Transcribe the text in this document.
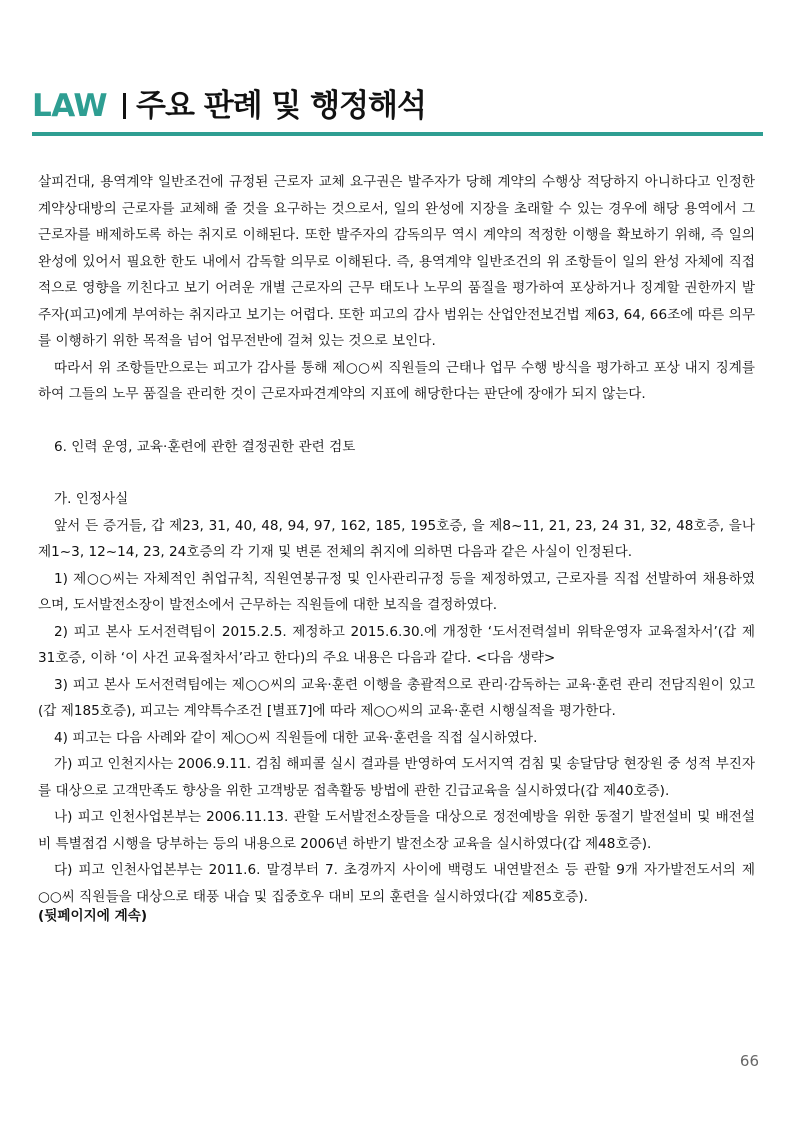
LAW 주요 판례 및 행정해석

살피건대, 용역계약 일반조건에 규정된 근로자 교체 요구권은 발주자가 당해 계약의 수행상 적당하지 아니하다고 인정한 계약상대방의 근로자를 교체해 줄 것을 요구하는 것으로서, 일의 완성에 지장을 초래할 수 있는 경우에 해당 용역에서 그 근로자를 배제하도록 하는 취지로 이해된다. 또한 발주자의 감독의무 역시 계약의 적정한 이행을 확보하기 위해, 즉 일의 완성에 있어서 필요한 한도 내에서 감독할 의무로 이해된다. 즉, 용역계약 일반조건의 위 조항들이 일의 완성 자체에 직접적으로 영향을 끼친다고 보기 어려운 개별 근로자의 근무 태도나 노무의 품질을 평가하여 포상하거나 징계할 권한까지 발주자(피고)에게 부여하는 취지라고 보기는 어렵다. 또한 피고의 감사 범위는 산업안전보건법 제63, 64, 66조에 따른 의무를 이행하기 위한 목적을 넘어 업무전반에 걸쳐 있는 것으로 보인다.

따라서 위 조항들만으로는 피고가 감사를 통해 제○○씨 직원들의 근태나 업무 수행 방식을 평가하고 포상 내지 징계를 하여 그들의 노무 품질을 관리한 것이 근로자파견계약의 지표에 해당한다는 판단에 장애가 되지 않는다.

6. 인력 운영, 교육·훈련에 관한 결정권한 관련 검토

가. 인정사실

앞서 든 증거들, 갑 제23, 31, 40, 48, 94, 97, 162, 185, 195호증, 을 제8~11, 21, 23, 24 31, 32, 48호증, 을나 제1~3, 12~14, 23, 24호증의 각 기재 및 변론 전체의 취지에 의하면 다음과 같은 사실이 인정된다.

1) 제○○씨는 자체적인 취업규칙, 직원연봉규정 및 인사관리규정 등을 제정하였고, 근로자를 직접 선발하여 채용하였으며, 도서발전소장이 발전소에서 근무하는 직원들에 대한 보직을 결정하였다.

2) 피고 본사 도서전력팀이 2015.2.5. 제정하고 2015.6.30.에 개정한 ‘도서전력설비 위탁운영자 교육절차서’(갑 제31호증, 이하 ‘이 사건 교육절차서’라고 한다)의 주요 내용은 다음과 같다. <다음 생략>

3) 피고 본사 도서전력팀에는 제○○씨의 교육·훈련 이행을 총괄적으로 관리·감독하는 교육·훈련 관리 전담직원이 있고(갑 제185호증), 피고는 계약특수조건 [별표7]에 따라 제○○씨의 교육·훈련 시행실적을 평가한다.

4) 피고는 다음 사례와 같이 제○○씨 직원들에 대한 교육·훈련을 직접 실시하였다.

가) 피고 인천지사는 2006.9.11. 검침 해피콜 실시 결과를 반영하여 도서지역 검침 및 송달담당 현장원 중 성적 부진자를 대상으로 고객만족도 향상을 위한 고객방문 접촉활동 방법에 관한 긴급교육을 실시하였다(갑 제40호증).

나) 피고 인천사업본부는 2006.11.13. 관할 도서발전소장들을 대상으로 정전예방을 위한 동절기 발전설비 및 배전설비 특별점검 시행을 당부하는 등의 내용으로 2006년 하반기 발전소장 교육을 실시하였다(갑 제48호증).

다) 피고 인천사업본부는 2011.6. 말경부터 7. 초경까지 사이에 백령도 내연발전소 등 관할 9개 자가발전도서의 제○○씨 직원들을 대상으로 태풍 내습 및 집중호우 대비 모의 훈련을 실시하였다(갑 제85호증).

(뒷페이지에 계속)

66
